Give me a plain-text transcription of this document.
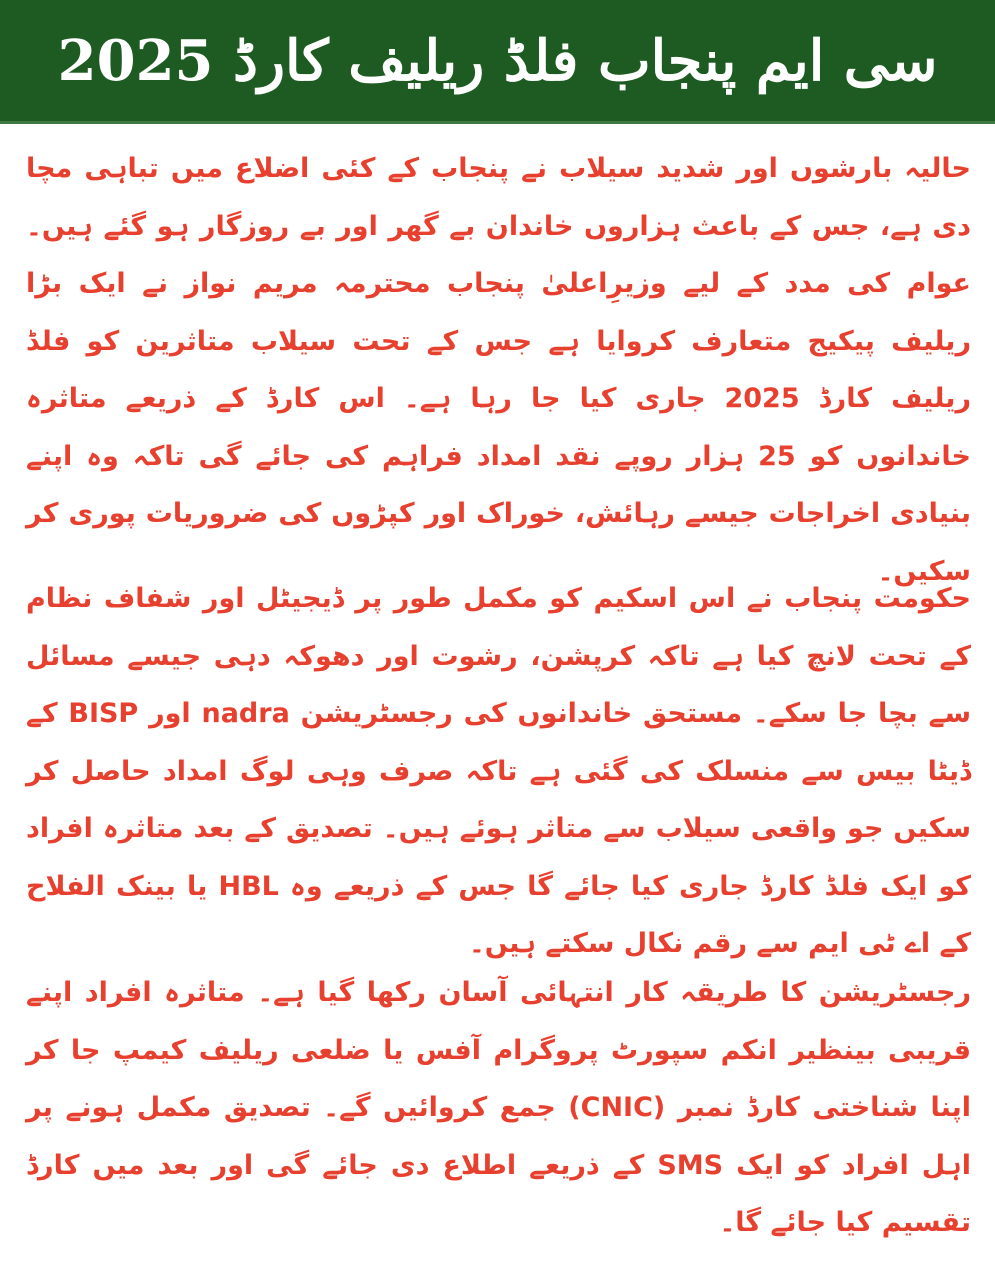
سی ایم پنجاب فلڈ ریلیف کارڈ 2025

حالیہ بارشوں اور شدید سیلاب نے پنجاب کے کئی اضلاع میں تباہی مچا دی ہے، جس کے باعث ہزاروں خاندان بے گھر اور بے روزگار ہو گئے ہیں۔ عوام کی مدد کے لیے وزیرِاعلیٰ پنجاب محترمہ مریم نواز نے ایک بڑا ریلیف پیکیج متعارف کروایا ہے جس کے تحت سیلاب متاثرین کو فلڈ ریلیف کارڈ 2025 جاری کیا جا رہا ہے۔ اس کارڈ کے ذریعے متاثرہ خاندانوں کو 25 ہزار روپے نقد امداد فراہم کی جائے گی تاکہ وہ اپنے بنیادی اخراجات جیسے رہائش، خوراک اور کپڑوں کی ضروریات پوری کر سکیں۔

حکومت پنجاب نے اس اسکیم کو مکمل طور پر ڈیجیٹل اور شفاف نظام کے تحت لانچ کیا ہے تاکہ کرپشن، رشوت اور دھوکہ دہی جیسے مسائل سے بچا جا سکے۔ مستحق خاندانوں کی رجسٹریشن nadra اور BISP کے ڈیٹا بیس سے منسلک کی گئی ہے تاکہ صرف وہی لوگ امداد حاصل کر سکیں جو واقعی سیلاب سے متاثر ہوئے ہیں۔ تصدیق کے بعد متاثرہ افراد کو ایک فلڈ کارڈ جاری کیا جائے گا جس کے ذریعے وہ HBL یا بینک الفلاح کے اے ٹی ایم سے رقم نکال سکتے ہیں۔

رجسٹریشن کا طریقہ کار انتہائی آسان رکھا گیا ہے۔ متاثرہ افراد اپنے قریبی بینظیر انکم سپورٹ پروگرام آفس یا ضلعی ریلیف کیمپ جا کر اپنا شناختی کارڈ نمبر (CNIC) جمع کروائیں گے۔ تصدیق مکمل ہونے پر اہل افراد کو ایک SMS کے ذریعے اطلاع دی جائے گی اور بعد میں کارڈ تقسیم کیا جائے گا۔
